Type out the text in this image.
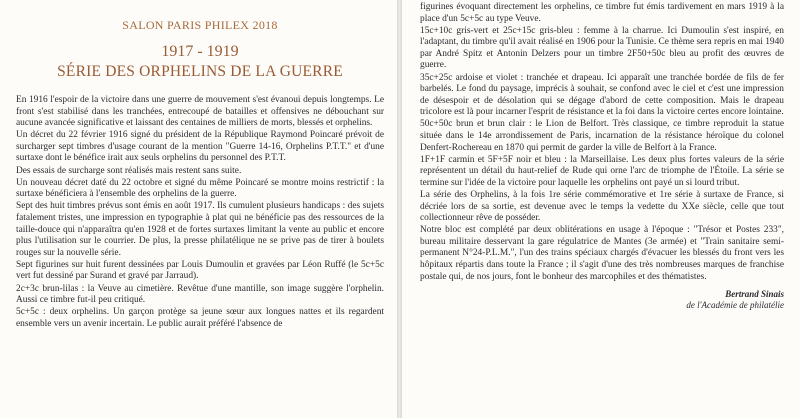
SALON PARIS PHILEX 2018
1917 - 1919
SÉRIE DES ORPHELINS DE LA GUERRE

En 1916 l'espoir de la victoire dans une guerre de mouvement s'est évanoui depuis longtemps. Le front s'est stabilisé dans les tranchées, entrecoupé de batailles et offensives ne débouchant sur aucune avancée significative et laissant des centaines de milliers de morts, blessés et orphelins.

Un décret du 22 février 1916 signé du président de la République Raymond Poincaré prévoit de surcharger sept timbres d'usage courant de la mention "Guerre 14-16, Orphelins P.T.T." et d'une surtaxe dont le bénéfice irait aux seuls orphelins du personnel des P.T.T.

Des essais de surcharge sont réalisés mais restent sans suite.

Un nouveau décret daté du 22 octobre et signé du même Poincaré se montre moins restrictif : la surtaxe bénéficiera à l'ensemble des orphelins de la guerre.

Sept des huit timbres prévus sont émis en août 1917. Ils cumulent plusieurs handicaps : des sujets fatalement tristes, une impression en typographie à plat qui ne bénéficie pas des ressources de la taille-douce qui n'apparaîtra qu'en 1928 et de fortes surtaxes limitant la vente au public et encore plus l'utilisation sur le courrier. De plus, la presse philatélique ne se prive pas de tirer à boulets rouges sur la nouvelle série.

Sept figurines sur huit furent dessinées par Louis Dumoulin et gravées par Léon Ruffé (le 5c+5c vert fut dessiné par Surand et gravé par Jarraud).

2c+3c brun-lilas : la Veuve au cimetière. Revêtue d'une mantille, son image suggère l'orphelin. Aussi ce timbre fut-il peu critiqué.

5c+5c : deux orphelins. Un garçon protège sa jeune sœur aux longues nattes et ils regardent ensemble vers un avenir incertain. Le public aurait préféré l'absence de

figurines évoquant directement les orphelins, ce timbre fut émis tardivement en mars 1919 à la place d'un 5c+5c au type Veuve.

15c+10c gris-vert et 25c+15c gris-bleu : femme à la charrue. Ici Dumoulin s'est inspiré, en l'adaptant, du timbre qu'il avait réalisé en 1906 pour la Tunisie. Ce thème sera repris en mai 1940 par André Spitz et Antonin Delzers pour un timbre 2F50+50c bleu au profit des œuvres de guerre.

35c+25c ardoise et violet : tranchée et drapeau. Ici apparaît une tranchée bordée de fils de fer barbelés. Le fond du paysage, imprécis à souhait, se confond avec le ciel et c'est une impression de désespoir et de désolation qui se dégage d'abord de cette composition. Mais le drapeau tricolore est là pour incarner l'esprit de résistance et la foi dans la victoire certes encore lointaine.

50c+50c brun et brun clair : le Lion de Belfort. Très classique, ce timbre reproduit la statue située dans le 14e arrondissement de Paris, incarnation de la résistance héroïque du colonel Denfert-Rochereau en 1870 qui permit de garder la ville de Belfort à la France.

1F+1F carmin et 5F+5F noir et bleu : la Marseillaise. Les deux plus fortes valeurs de la série représentent un détail du haut-relief de Rude qui orne l'arc de triomphe de l'Étoile. La série se termine sur l'idée de la victoire pour laquelle les orphelins ont payé un si lourd tribut.

La série des Orphelins, à la fois 1re série commémorative et 1re série à surtaxe de France, si décriée lors de sa sortie, est devenue avec le temps la vedette du XXe siècle, celle que tout collectionneur rêve de posséder.

Notre bloc est complété par deux oblitérations en usage à l'époque : "Trésor et Postes 233", bureau militaire desservant la gare régulatrice de Mantes (3e armée) et "Train sanitaire semi-permanent N°24-P.L.M.", l'un des trains spéciaux chargés d'évacuer les blessés du front vers les hôpitaux répartis dans toute la France ; il s'agit d'une des très nombreuses marques de franchise postale qui, de nos jours, font le bonheur des marcophiles et des thématistes.

Bertrand Sinais
de l'Académie de philatélie
